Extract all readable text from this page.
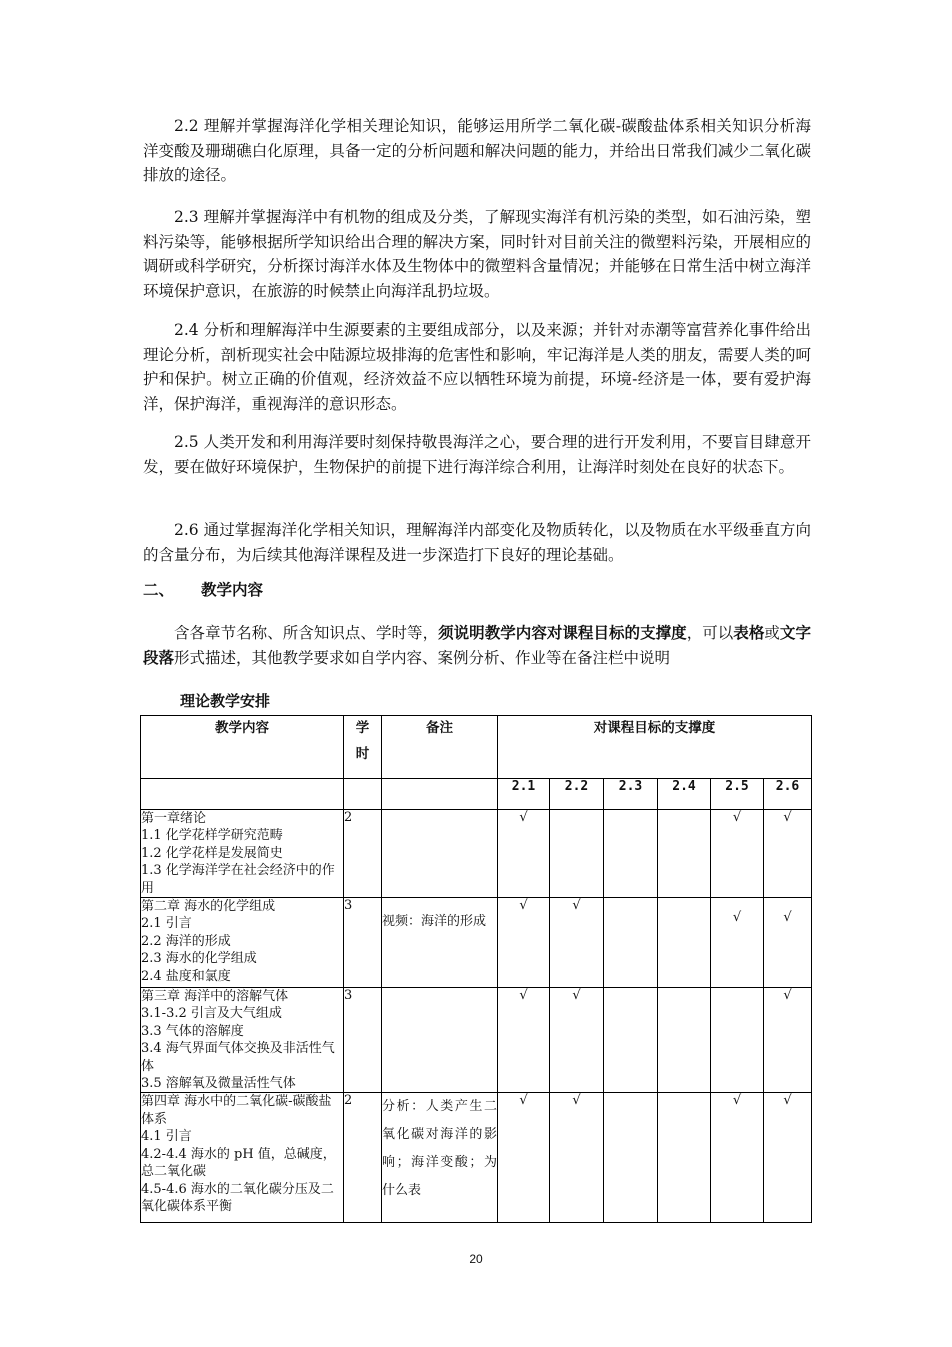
2.2 理解并掌握海洋化学相关理论知识，能够运用所学二氧化碳-碳酸盐体系相关知识分析海洋变酸及珊瑚礁白化原理，具备一定的分析问题和解决问题的能力，并给出日常我们减少二氧化碳排放的途径。

2.3 理解并掌握海洋中有机物的组成及分类，了解现实海洋有机污染的类型，如石油污染，塑料污染等，能够根据所学知识给出合理的解决方案，同时针对目前关注的微塑料污染，开展相应的调研或科学研究，分析探讨海洋水体及生物体中的微塑料含量情况；并能够在日常生活中树立海洋环境保护意识，在旅游的时候禁止向海洋乱扔垃圾。

2.4 分析和理解海洋中生源要素的主要组成部分，以及来源；并针对赤潮等富营养化事件给出理论分析，剖析现实社会中陆源垃圾排海的危害性和影响，牢记海洋是人类的朋友，需要人类的呵护和保护。树立正确的价值观，经济效益不应以牺牲环境为前提，环境-经济是一体，要有爱护海洋，保护海洋，重视海洋的意识形态。

2.5 人类开发和利用海洋要时刻保持敬畏海洋之心，要合理的进行开发利用，不要盲目肆意开发，要在做好环境保护，生物保护的前提下进行海洋综合利用，让海洋时刻处在良好的状态下。

2.6 通过掌握海洋化学相关知识，理解海洋内部变化及物质转化，以及物质在水平级垂直方向的含量分布，为后续其他海洋课程及进一步深造打下良好的理论基础。

二、 教学内容

含各章节名称、所含知识点、学时等，须说明教学内容对课程目标的支撑度，可以表格或文字段落形式描述，其他教学要求如自学内容、案例分析、作业等在备注栏中说明

理论教学安排

教学内容	学
时	备注	对课程目标的支撑度					
			2.1	2.2	2.3	2.4	2.5	2.6

第一章绪论
1.1 化学花样学研究范畴
1.2 化学花样是发展简史
1.3 化学海洋学在社会经济中的作用	2		√				√	√

第二章 海水的化学组成
2.1 引言
2.2 海洋的形成
2.3 海水的化学组成
2.4 盐度和氯度	3	视频：海洋的形成	√	√			√	√

第三章 海洋中的溶解气体
3.1-3.2 引言及大气组成
3.3 气体的溶解度
3.4 海气界面气体交换及非活性气体
3.5 溶解氧及微量活性气体	3		√	√				√

第四章 海水中的二氧化碳-碳酸盐体系
4.1 引言
4.2-4.4 海水的 pH 值，总碱度，总二氧化碳
4.5-4.6 海水的二氧化碳分压及二氧化碳体系平衡	2	分析：人类产生二氧化碳对海洋的影响；海洋变酸；为什么表	√	√			√	√
20
